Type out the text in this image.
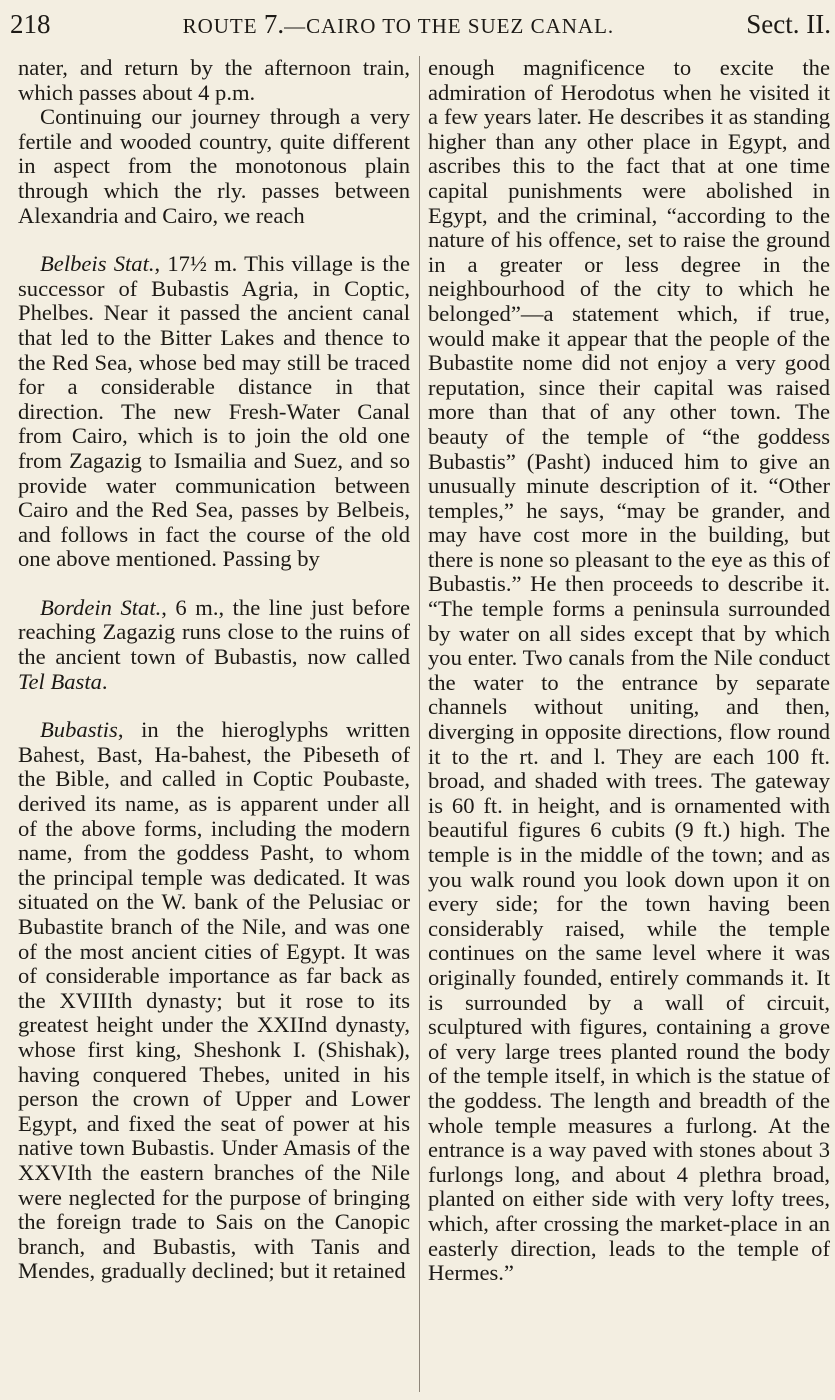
218	ROUTE 7.—CAIRO TO THE SUEZ CANAL.	Sect. II.

nater, and return by the afternoon train, which passes about 4 p.m.

Continuing our journey through a very fertile and wooded country, quite different in aspect from the monotonous plain through which the rly. passes between Alexandria and Cairo, we reach

Belbeis Stat., 17½ m. This village is the successor of Bubastis Agria, in Coptic, Phelbes. Near it passed the ancient canal that led to the Bitter Lakes and thence to the Red Sea, whose bed may still be traced for a considerable distance in that direction. The new Fresh-Water Canal from Cairo, which is to join the old one from Zagazig to Ismailia and Suez, and so provide water communication between Cairo and the Red Sea, passes by Belbeis, and follows in fact the course of the old one above mentioned. Passing by

Bordein Stat., 6 m., the line just before reaching Zagazig runs close to the ruins of the ancient town of Bubastis, now called Tel Basta.

Bubastis, in the hieroglyphs written Bahest, Bast, Ha-bahest, the Pibeseth of the Bible, and called in Coptic Poubaste, derived its name, as is apparent under all of the above forms, including the modern name, from the goddess Pasht, to whom the principal temple was dedicated. It was situated on the W. bank of the Pelusiac or Bubastite branch of the Nile, and was one of the most ancient cities of Egypt. It was of considerable importance as far back as the XVIIIth dynasty; but it rose to its greatest height under the XXIInd dynasty, whose first king, Sheshonk I. (Shishak), having conquered Thebes, united in his person the crown of Upper and Lower Egypt, and fixed the seat of power at his native town Bubastis. Under Amasis of the XXVIth the eastern branches of the Nile were neglected for the purpose of bringing the foreign trade to Sais on the Canopic branch, and Bubastis, with Tanis and Mendes, gradually declined; but it retained

enough magnificence to excite the admiration of Herodotus when he visited it a few years later. He describes it as standing higher than any other place in Egypt, and ascribes this to the fact that at one time capital punishments were abolished in Egypt, and the criminal, “according to the nature of his offence, set to raise the ground in a greater or less degree in the neighbourhood of the city to which he belonged”—a statement which, if true, would make it appear that the people of the Bubastite nome did not enjoy a very good reputation, since their capital was raised more than that of any other town. The beauty of the temple of “the goddess Bubastis” (Pasht) induced him to give an unusually minute description of it. “Other temples,” he says, “may be grander, and may have cost more in the building, but there is none so pleasant to the eye as this of Bubastis.” He then proceeds to describe it. “The temple forms a peninsula surrounded by water on all sides except that by which you enter. Two canals from the Nile conduct the water to the entrance by separate channels without uniting, and then, diverging in opposite directions, flow round it to the rt. and l. They are each 100 ft. broad, and shaded with trees. The gateway is 60 ft. in height, and is ornamented with beautiful figures 6 cubits (9 ft.) high. The temple is in the middle of the town; and as you walk round you look down upon it on every side; for the town having been considerably raised, while the temple continues on the same level where it was originally founded, entirely commands it. It is surrounded by a wall of circuit, sculptured with figures, containing a grove of very large trees planted round the body of the temple itself, in which is the statue of the goddess. The length and breadth of the whole temple measures a furlong. At the entrance is a way paved with stones about 3 furlongs long, and about 4 plethra broad, planted on either side with very lofty trees, which, after crossing the market-place in an easterly direction, leads to the temple of Hermes.”
